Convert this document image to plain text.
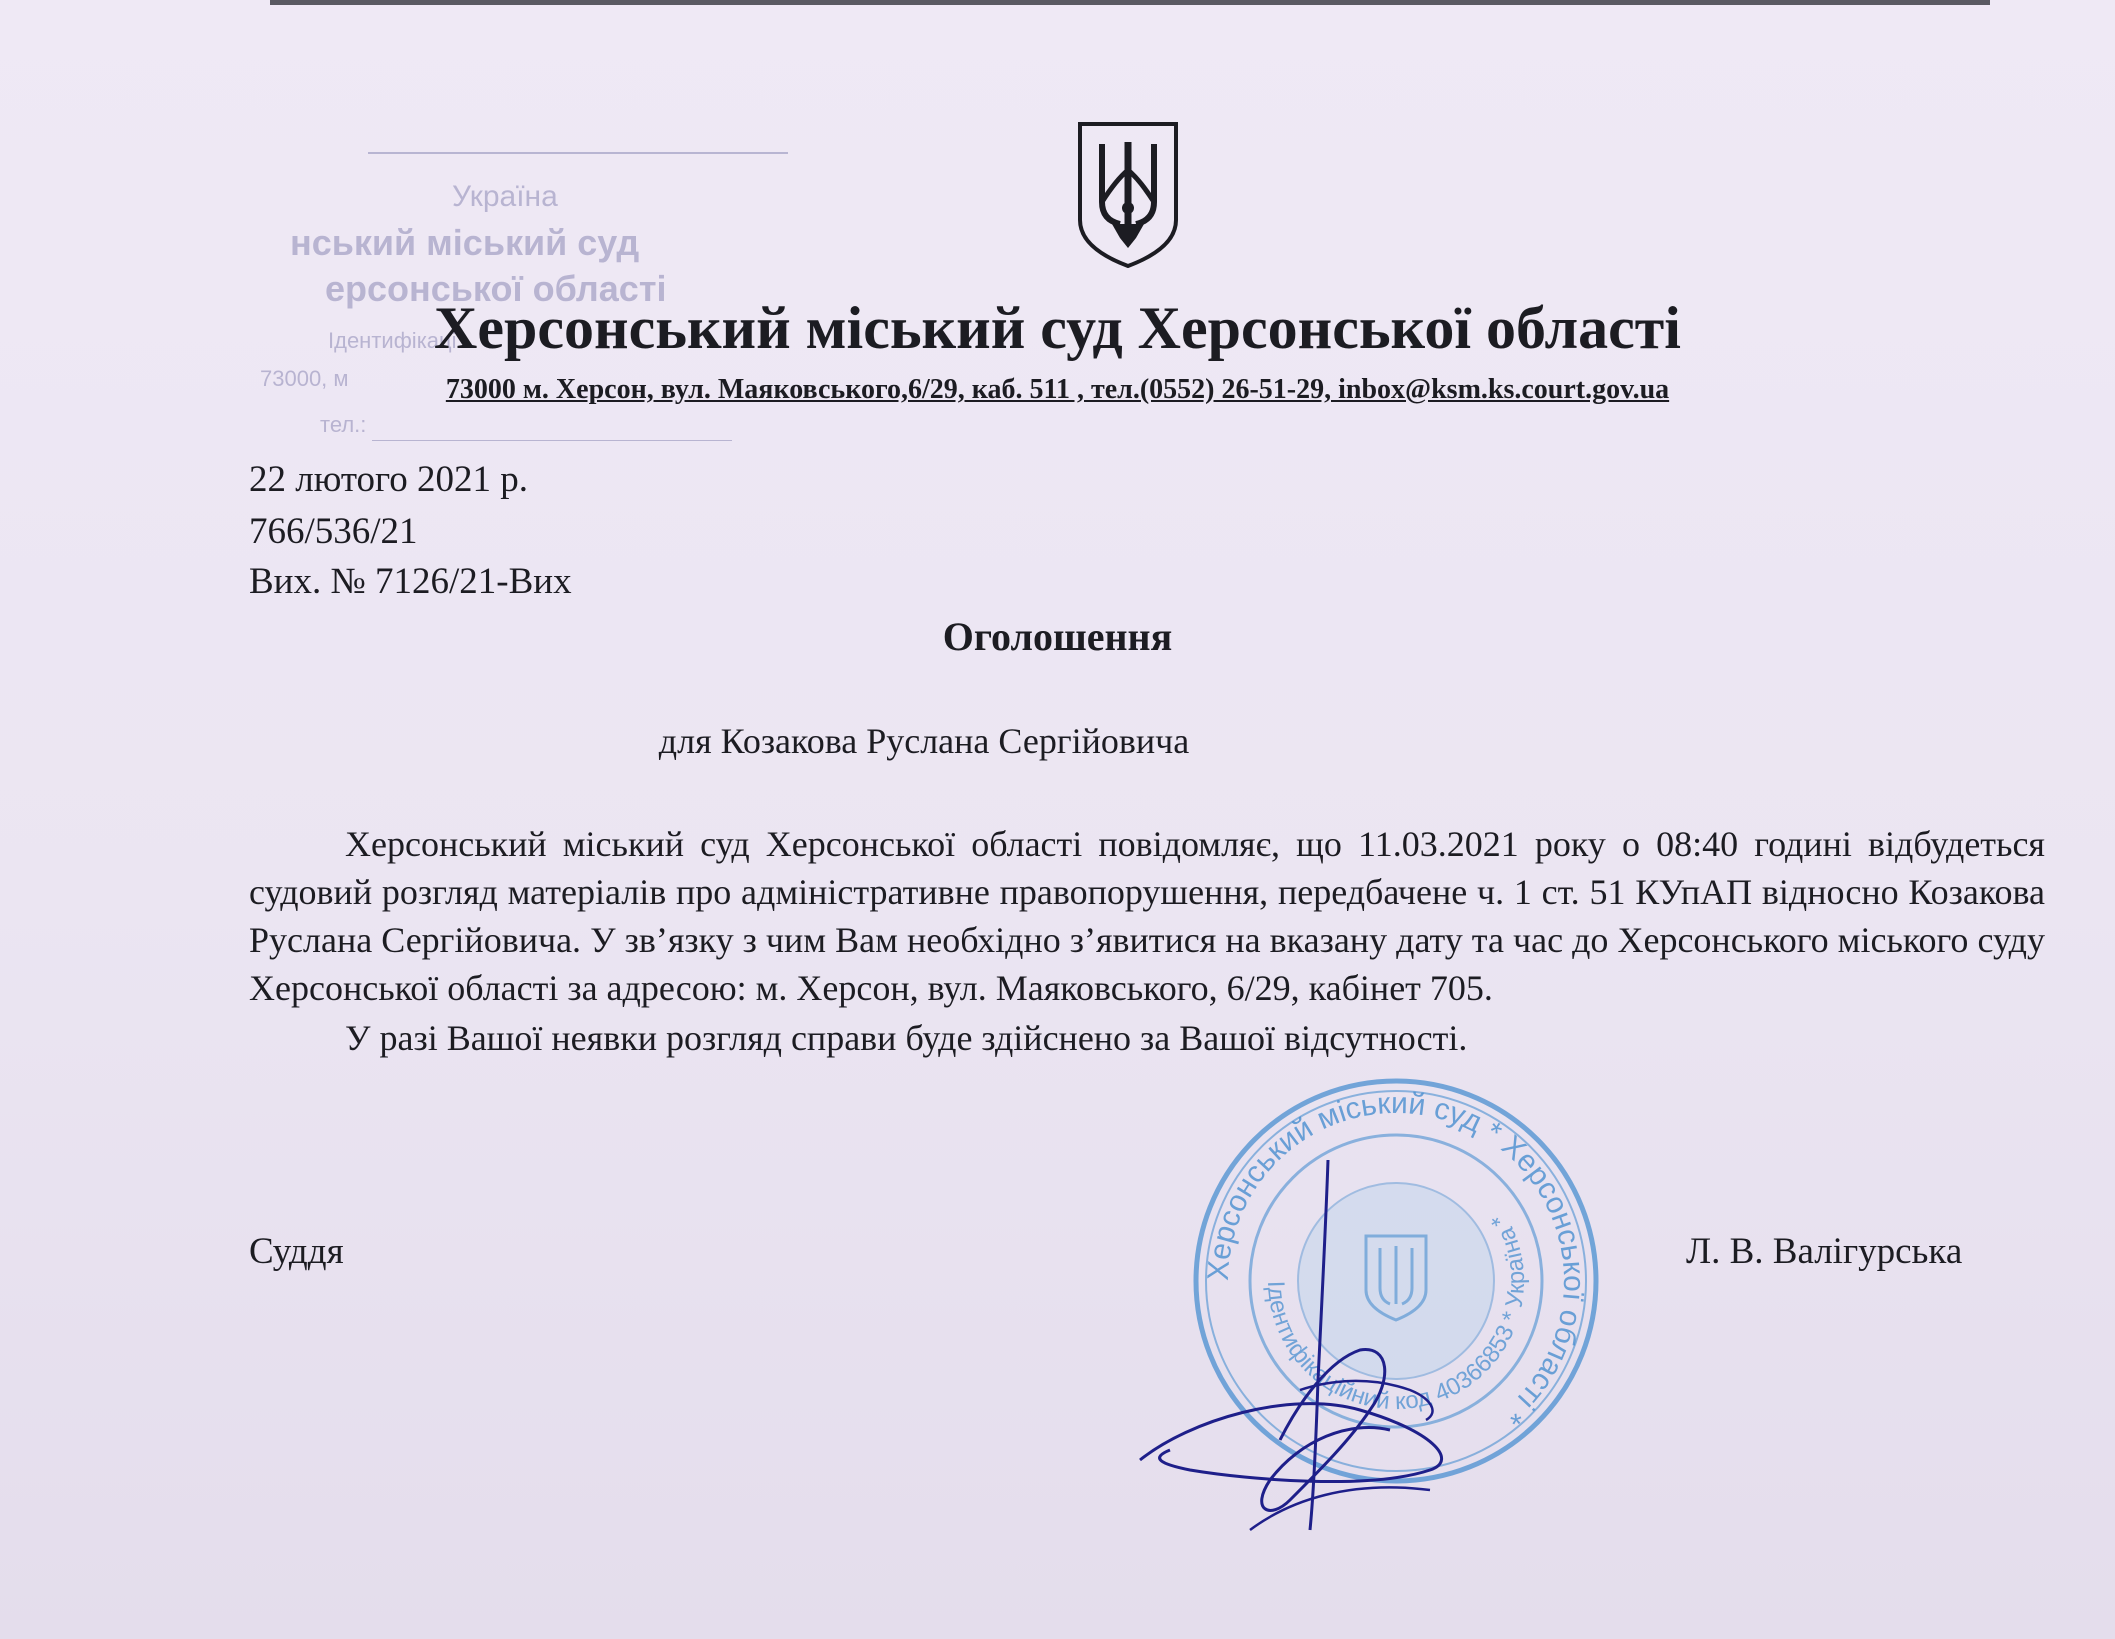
Україна
нський міський суд
ерсонської області
Ідентифікаці
73000, м
тел.:
Херсонський міський суд Херсонської області
73000 м. Херсон, вул. Маяковського,6/29, каб. 511 , тел.(0552) 26-51-29, inbox@ksm.ks.court.gov.ua
22 лютого 2021 р.
766/536/21
Вих. № 7126/21-Вих
Оголошення
для Козакова Руслана Сергійовича

Херсонський міський суд Херсонської області повідомляє, що 11.03.2021 року о 08:40 годині відбудеться судовий розгляд матеріалів про адміністративне правопорушення, передбачене ч. 1 ст. 51 КУпАП відносно Козакова Руслана Сергійовича. У зв’язку з чим Вам необхідно з’явитися на вказану дату та час до Херсонського міського суду Херсонської області за адресою: м. Херсон, вул. Маяковського, 6/29, кабінет 705.

У разі Вашої неявки розгляд справи буде здійснено за Вашої відсутності.

Херсонський міський суд * Херсонської області *
Ідентифікаційний код 40366853 * Україна *
Суддя	Л. В. Валігурська
